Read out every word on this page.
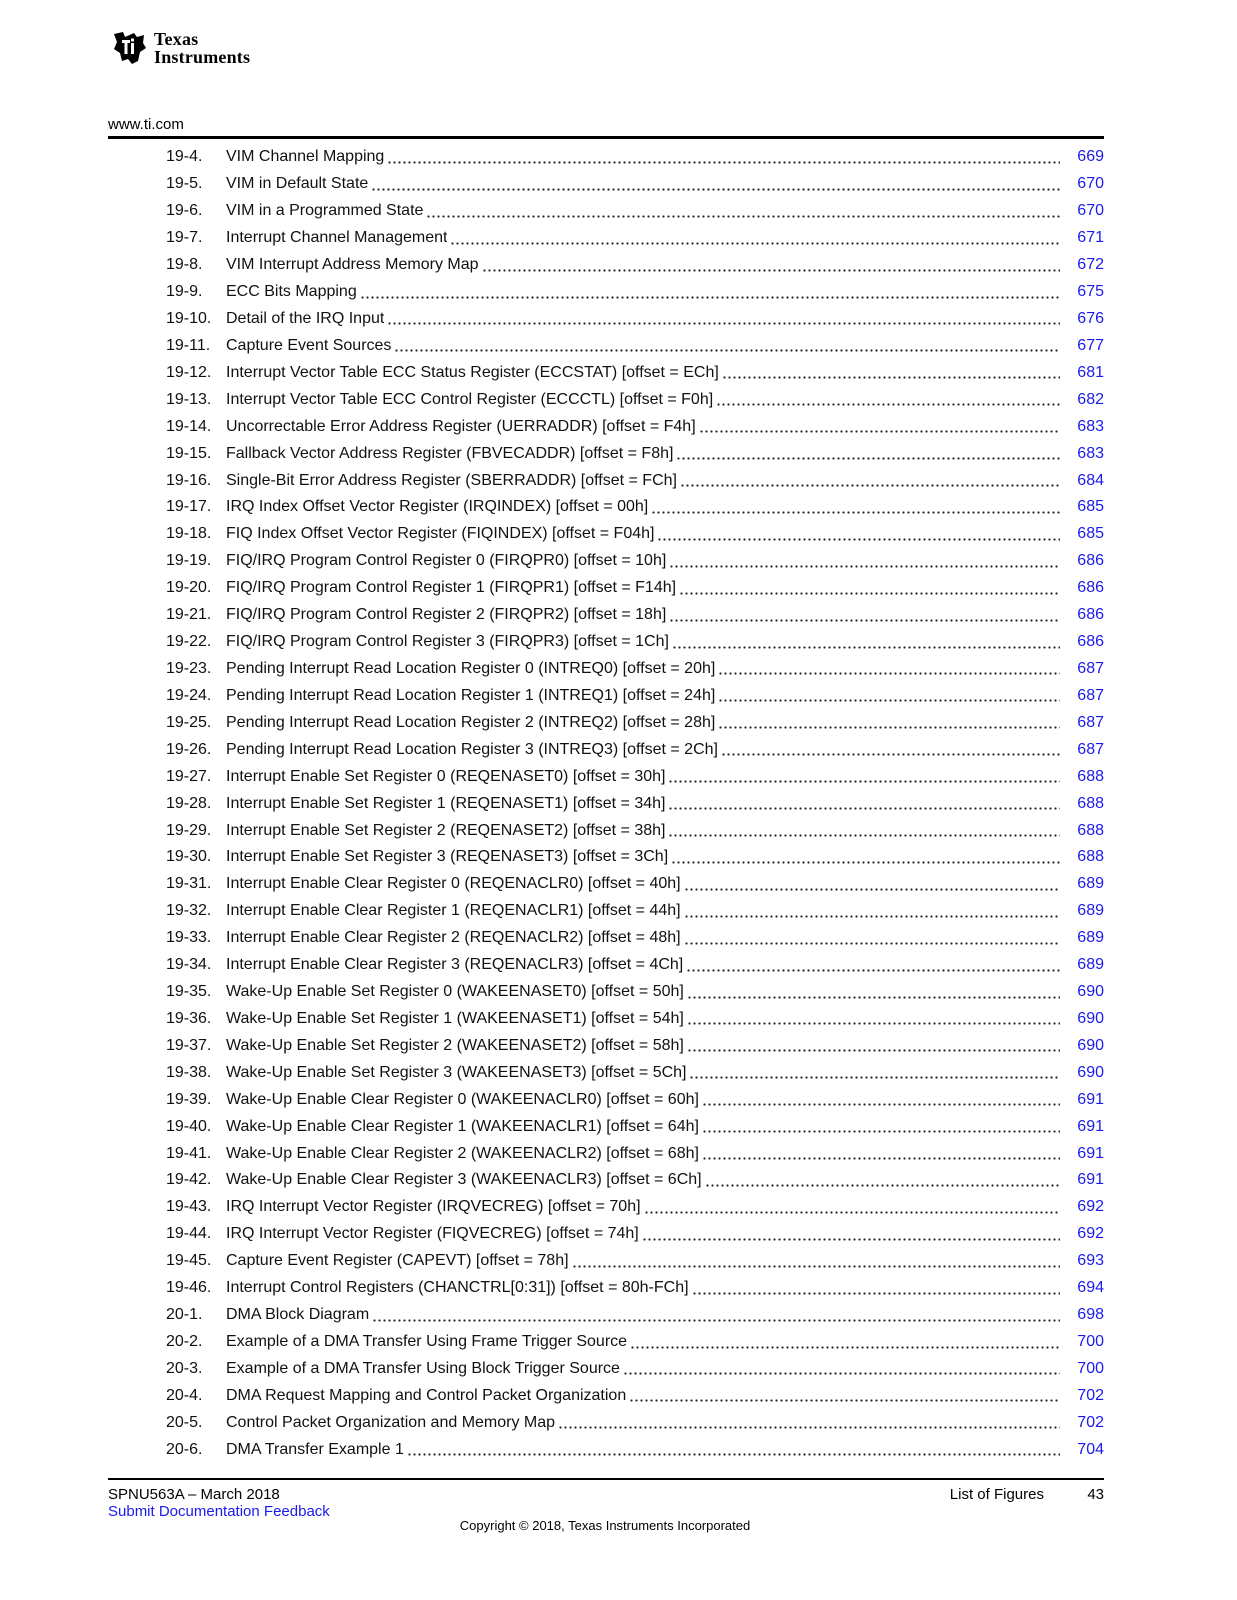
Texas
Instruments
www.ti.com
19-4.	VIM Channel Mapping	669
19-5.	VIM in Default State	670
19-6.	VIM in a Programmed State	670
19-7.	Interrupt Channel Management	671
19-8.	VIM Interrupt Address Memory Map	672
19-9.	ECC Bits Mapping	675
19-10. Detail of the IRQ Input	676
19-11. Capture Event Sources	677
19-12. Interrupt Vector Table ECC Status Register (ECCSTAT) [offset = ECh]	681
19-13. Interrupt Vector Table ECC Control Register (ECCCTL) [offset = F0h]	682
19-14. Uncorrectable Error Address Register (UERRADDR) [offset = F4h]	683
19-15. Fallback Vector Address Register (FBVECADDR) [offset = F8h]	683
19-16. Single-Bit Error Address Register (SBERRADDR) [offset = FCh]	684
19-17. IRQ Index Offset Vector Register (IRQINDEX) [offset = 00h]	685
19-18. FIQ Index Offset Vector Register (FIQINDEX) [offset = F04h]	685
19-19. FIQ/IRQ Program Control Register 0 (FIRQPR0) [offset = 10h]	686
19-20. FIQ/IRQ Program Control Register 1 (FIRQPR1) [offset = F14h]	686
19-21. FIQ/IRQ Program Control Register 2 (FIRQPR2) [offset = 18h]	686
19-22. FIQ/IRQ Program Control Register 3 (FIRQPR3) [offset = 1Ch]	686
19-23. Pending Interrupt Read Location Register 0 (INTREQ0) [offset = 20h]	687
19-24. Pending Interrupt Read Location Register 1 (INTREQ1) [offset = 24h]	687
19-25. Pending Interrupt Read Location Register 2 (INTREQ2) [offset = 28h]	687
19-26. Pending Interrupt Read Location Register 3 (INTREQ3) [offset = 2Ch]	687
19-27. Interrupt Enable Set Register 0 (REQENASET0) [offset = 30h]	688
19-28. Interrupt Enable Set Register 1 (REQENASET1) [offset = 34h]	688
19-29. Interrupt Enable Set Register 2 (REQENASET2) [offset = 38h]	688
19-30. Interrupt Enable Set Register 3 (REQENASET3) [offset = 3Ch]	688
19-31. Interrupt Enable Clear Register 0 (REQENACLR0) [offset = 40h]	689
19-32. Interrupt Enable Clear Register 1 (REQENACLR1) [offset = 44h]	689
19-33. Interrupt Enable Clear Register 2 (REQENACLR2) [offset = 48h]	689
19-34. Interrupt Enable Clear Register 3 (REQENACLR3) [offset = 4Ch]	689
19-35. Wake-Up Enable Set Register 0 (WAKEENASET0) [offset = 50h]	690
19-36. Wake-Up Enable Set Register 1 (WAKEENASET1) [offset = 54h]	690
19-37. Wake-Up Enable Set Register 2 (WAKEENASET2) [offset = 58h]	690
19-38. Wake-Up Enable Set Register 3 (WAKEENASET3) [offset = 5Ch]	690
19-39. Wake-Up Enable Clear Register 0 (WAKEENACLR0) [offset = 60h]	691
19-40. Wake-Up Enable Clear Register 1 (WAKEENACLR1) [offset = 64h]	691
19-41. Wake-Up Enable Clear Register 2 (WAKEENACLR2) [offset = 68h]	691
19-42. Wake-Up Enable Clear Register 3 (WAKEENACLR3) [offset = 6Ch]	691
19-43. IRQ Interrupt Vector Register (IRQVECREG) [offset = 70h]	692
19-44. IRQ Interrupt Vector Register (FIQVECREG) [offset = 74h]	692
19-45. Capture Event Register (CAPEVT) [offset = 78h]	693
19-46. Interrupt Control Registers (CHANCTRL[0:31]) [offset = 80h-FCh]	694
20-1.	DMA Block Diagram	698
20-2.	Example of a DMA Transfer Using Frame Trigger Source	700
20-3.	Example of a DMA Transfer Using Block Trigger Source	700
20-4.	DMA Request Mapping and Control Packet Organization	702
20-5.	Control Packet Organization and Memory Map	702
20-6.	DMA Transfer Example 1	704
SPNU563A – March 2018
Submit Documentation Feedback
List of Figures	43
Copyright © 2018, Texas Instruments Incorporated
